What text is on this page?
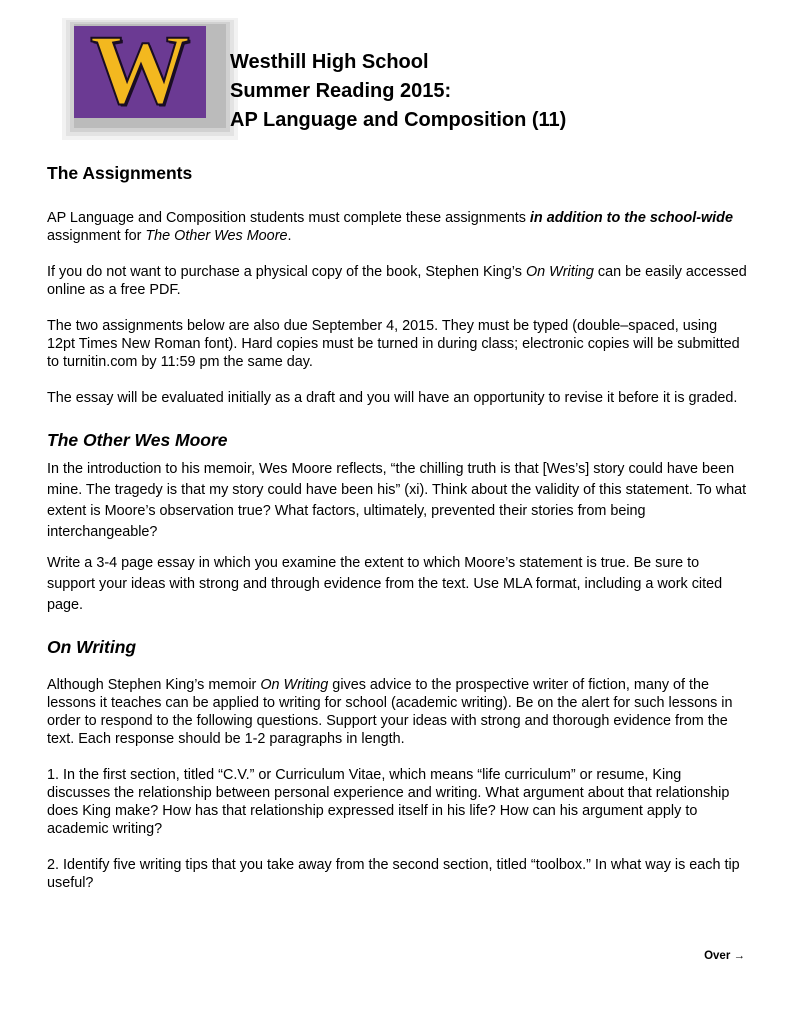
W	Westhill High School
Summer Reading 2015:
AP Language and Composition (11)
The Assignments

AP Language and Composition students must complete these assignments in addition to the school-wide assignment for The Other Wes Moore.

If you do not want to purchase a physical copy of the book, Stephen King’s On Writing can be easily accessed online as a free PDF.

The two assignments below are also due September 4, 2015. They must be typed (double–spaced, using 12pt Times New Roman font). Hard copies must be turned in during class; electronic copies will be submitted to turnitin.com by 11:59 pm the same day.

The essay will be evaluated initially as a draft and you will have an opportunity to revise it before it is graded.

The Other Wes Moore

In the introduction to his memoir, Wes Moore reflects, “the chilling truth is that [Wes’s] story could have been mine. The tragedy is that my story could have been his” (xi). Think about the validity of this statement. To what extent is Moore’s observation true? What factors, ultimately, prevented their stories from being interchangeable?

Write a 3-4 page essay in which you examine the extent to which Moore’s statement is true. Be sure to support your ideas with strong and through evidence from the text. Use MLA format, including a work cited page.

On Writing

Although Stephen King’s memoir On Writing gives advice to the prospective writer of fiction, many of the lessons it teaches can be applied to writing for school (academic writing). Be on the alert for such lessons in order to respond to the following questions. Support your ideas with strong and thorough evidence from the text. Each response should be 1-2 paragraphs in length.

1. In the first section, titled “C.V.” or Curriculum Vitae, which means “life curriculum” or resume, King discusses the relationship between personal experience and writing. What argument about that relationship does King make? How has that relationship expressed itself in his life? How can his argument apply to academic writing?

2. Identify five writing tips that you take away from the second section, titled “toolbox.” In what way is each tip useful?

Over →
